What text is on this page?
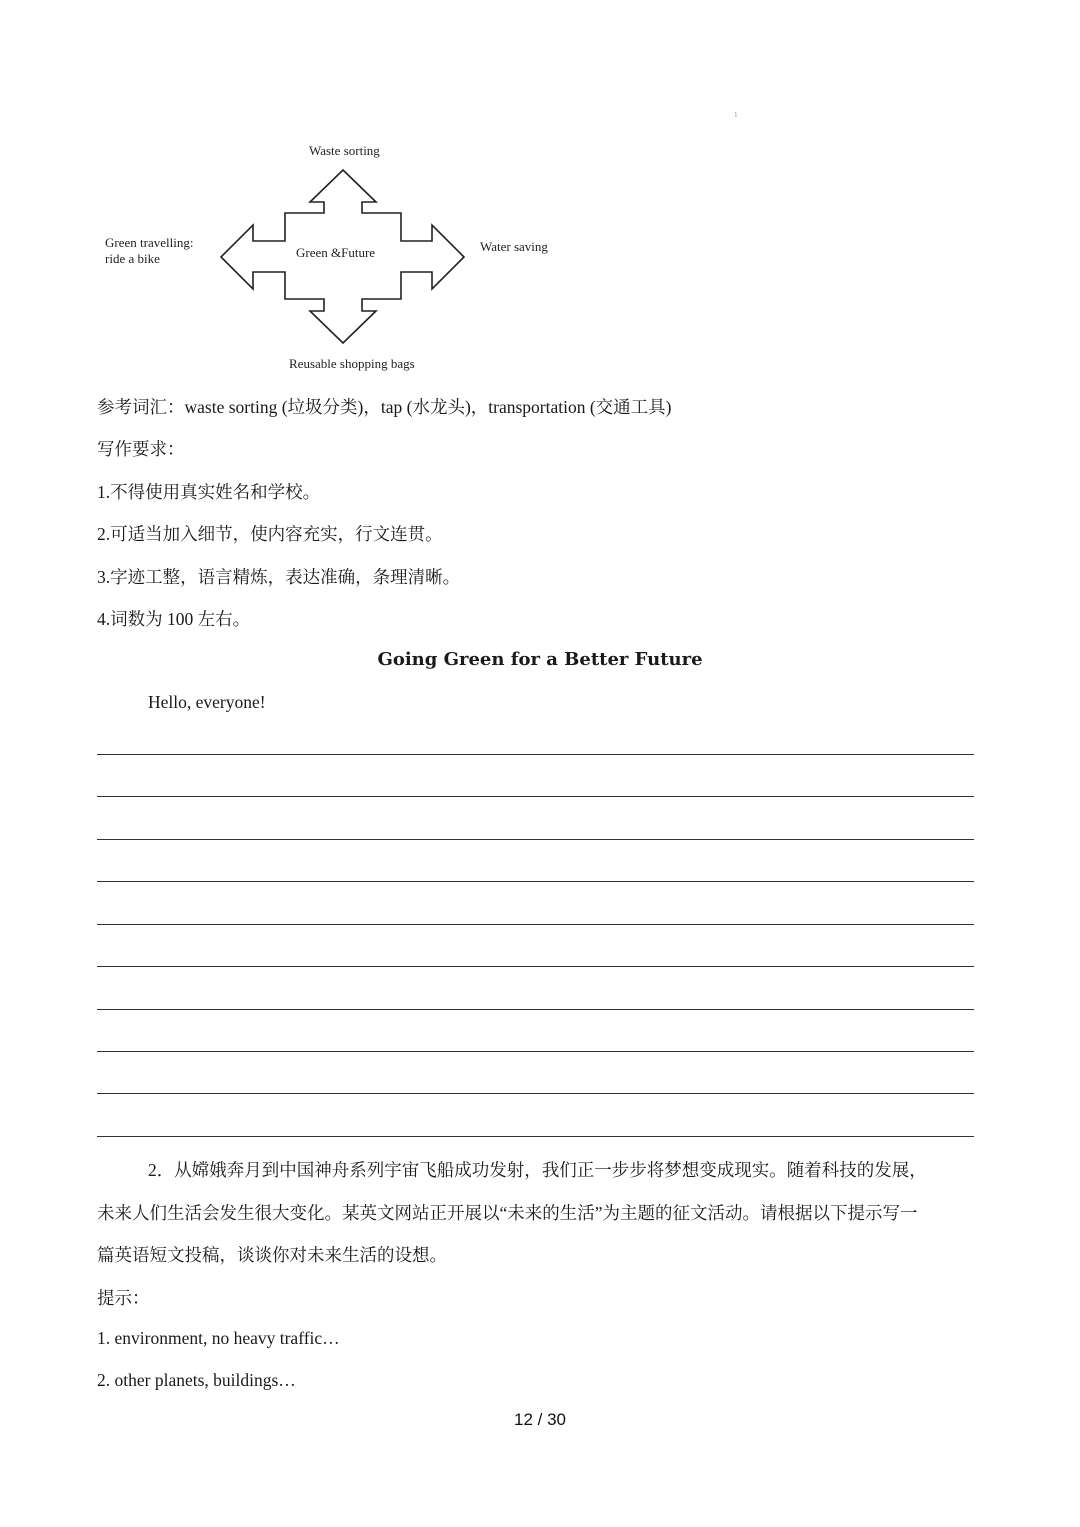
1
Waste sorting
Green &Future	Water saving
Green travelling:
ride a bike
Reusable shopping bags
参考词汇：waste sorting (垃圾分类)，tap (水龙头)，transportation (交通工具)
写作要求：
1.不得使用真实姓名和学校。
2.可适当加入细节，使内容充实，行文连贯。
3.字迹工整，语言精炼，表达准确，条理清晰。
4.词数为 100 左右。
Going Green for a Better Future
Hello, everyone!
2．从嫦娥奔月到中国神舟系列宇宙飞船成功发射，我们正一步步将梦想变成现实。随着科技的发展，
未来人们生活会发生很大变化。某英文网站正开展以“未来的生活”为主题的征文活动。请根据以下提示写一
篇英语短文投稿，谈谈你对未来生活的设想。
提示：
1. environment, no heavy traffic…
2. other planets, buildings…
12 / 30
